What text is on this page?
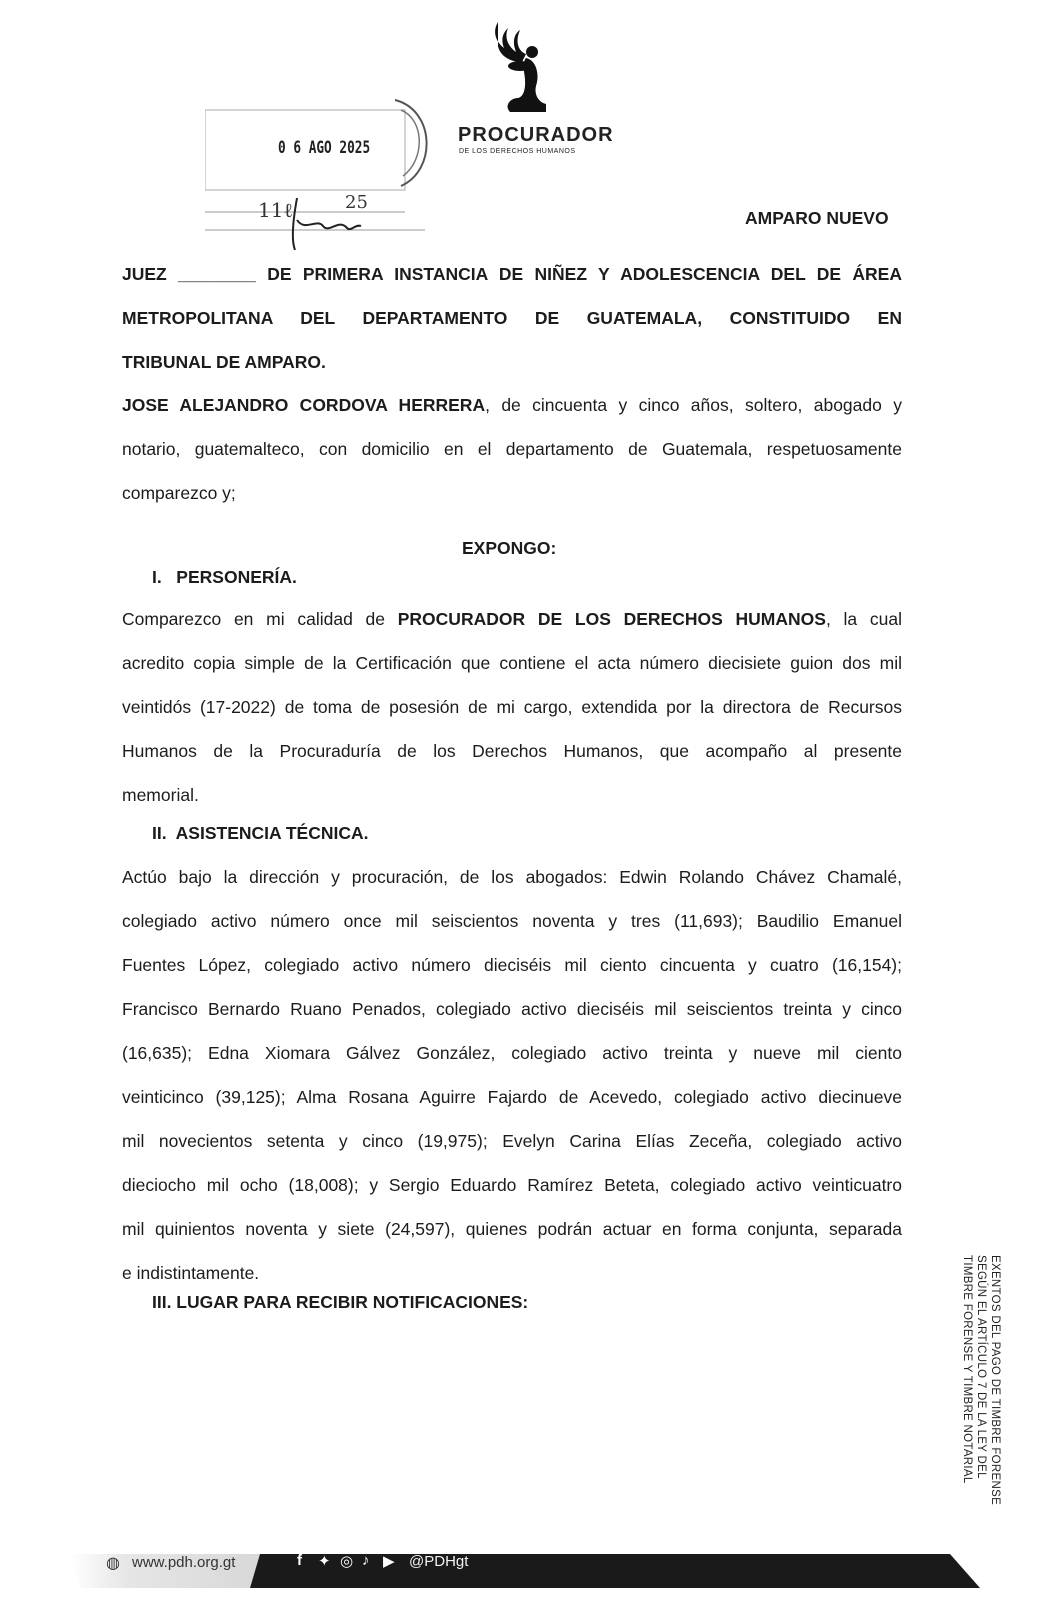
PROCURADOR
DE LOS DERECHOS HUMANOS
0 6 AGO 2025
11ℓ	25
AMPARO NUEVO
JUEZ ________ DE PRIMERA INSTANCIA DE NIÑEZ Y ADOLESCENCIA DEL DE ÁREA
METROPOLITANA DEL DEPARTAMENTO DE GUATEMALA, CONSTITUIDO EN
TRIBUNAL DE AMPARO.
JOSE ALEJANDRO CORDOVA HERRERA, de cincuenta y cinco años, soltero, abogado y
notario, guatemalteco, con domicilio en el departamento de Guatemala, respetuosamente
comparezco y;
EXPONGO:
I.   PERSONERÍA.
Comparezco en mi calidad de PROCURADOR DE LOS DERECHOS HUMANOS, la cual
acredito copia simple de la Certificación que contiene el acta número diecisiete guion dos mil
veintidós (17-2022) de toma de posesión de mi cargo, extendida por la directora de Recursos
Humanos de la Procuraduría de los Derechos Humanos, que acompaño al presente
memorial.
II.  ASISTENCIA TÉCNICA.
Actúo bajo la dirección y procuración, de los abogados: Edwin Rolando Chávez Chamalé,
colegiado activo número once mil seiscientos noventa y tres (11,693); Baudilio Emanuel
Fuentes López, colegiado activo número dieciséis mil ciento cincuenta y cuatro (16,154);
Francisco Bernardo Ruano Penados, colegiado activo dieciséis mil seiscientos treinta y cinco
(16,635); Edna Xiomara Gálvez González, colegiado activo treinta y nueve mil ciento
veinticinco (39,125); Alma Rosana Aguirre Fajardo de Acevedo, colegiado activo diecinueve
mil novecientos setenta y cinco (19,975); Evelyn Carina Elías Zeceña, colegiado activo
dieciocho mil ocho (18,008); y Sergio Eduardo Ramírez Beteta, colegiado activo veinticuatro
mil quinientos noventa y siete (24,597), quienes podrán actuar en forma conjunta, separada
e indistintamente.
III. LUGAR PARA RECIBIR NOTIFICACIONES:	EXENTOS DEL PAGO DE TIMBRE FORENSE
SEGÚN EL ARTÍCULO 7 DE LA LEY DEL
TIMBRE FORENSE Y TIMBRE NOTARIAL
◍ www.pdh.org.gt	f ✦ ◎ ♪ ▶ @PDHgt
